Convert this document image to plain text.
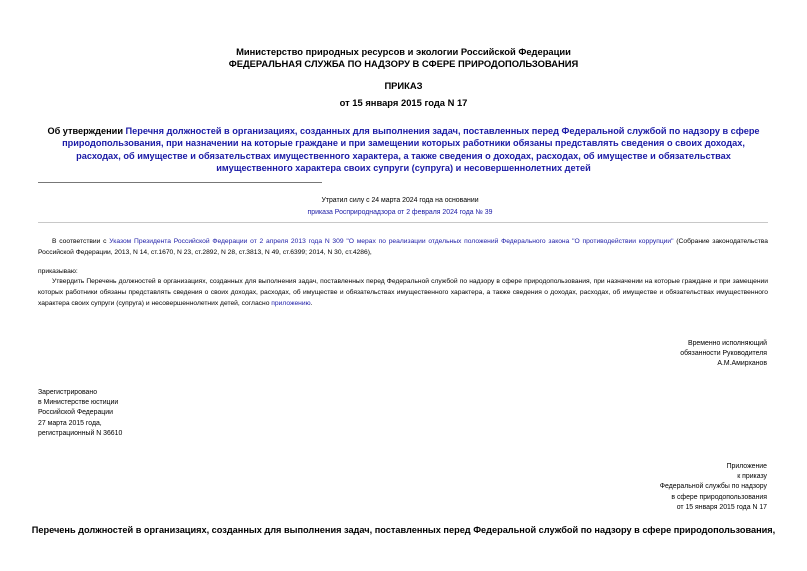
Министерство природных ресурсов и экологии Российской Федерации
ФЕДЕРАЛЬНАЯ СЛУЖБА ПО НАДЗОРУ В СФЕРЕ ПРИРОДОПОЛЬЗОВАНИЯ
ПРИКАЗ
от 15 января 2015 года N 17
Об утверждении Перечня должностей в организациях, созданных для выполнения задач, поставленных перед Федеральной службой по надзору в сфере природопользования, при назначении на которые граждане и при замещении которых работники обязаны представлять сведения о своих доходах, расходах, об имуществе и обязательствах имущественного характера, а также сведения о доходах, расходах, об имуществе и обязательствах имущественного характера своих супруги (супруга) и несовершеннолетних детей
Утратил силу с 24 марта 2024 года на основании
приказа Росприроднадзора от 2 февраля 2024 года № 39
В соответствии с Указом Президента Российской Федерации от 2 апреля 2013 года N 309 "О мерах по реализации отдельных положений Федерального закона "О противодействии коррупции" (Собрание законодательства Российской Федерации, 2013, N 14, ст.1670, N 23, ст.2892, N 28, ст.3813, N 49, ст.6399; 2014, N 30, ст.4286),
приказываю:
Утвердить Перечень должностей в организациях, созданных для выполнения задач, поставленных перед Федеральной службой по надзору в сфере природопользования, при назначении на которые граждане и при замещении которых работники обязаны представлять сведения о своих доходах, расходах, об имуществе и обязательствах имущественного характера, а также сведения о доходах, расходах, об имуществе и обязательствах имущественного характера своих супруги (супруга) и несовершеннолетних детей, согласно приложению.
Временно исполняющий
обязанности Руководителя
А.М.Амирханов
Зарегистрировано
в Министерстве юстиции
Российской Федерации
27 марта 2015 года,
регистрационный N 36610
Приложение
к приказу
Федеральной службы по надзору
в сфере природопользования
от 15 января 2015 года N 17
Перечень должностей в организациях, созданных для выполнения задач, поставленных перед Федеральной службой по надзору в сфере природопользования,
